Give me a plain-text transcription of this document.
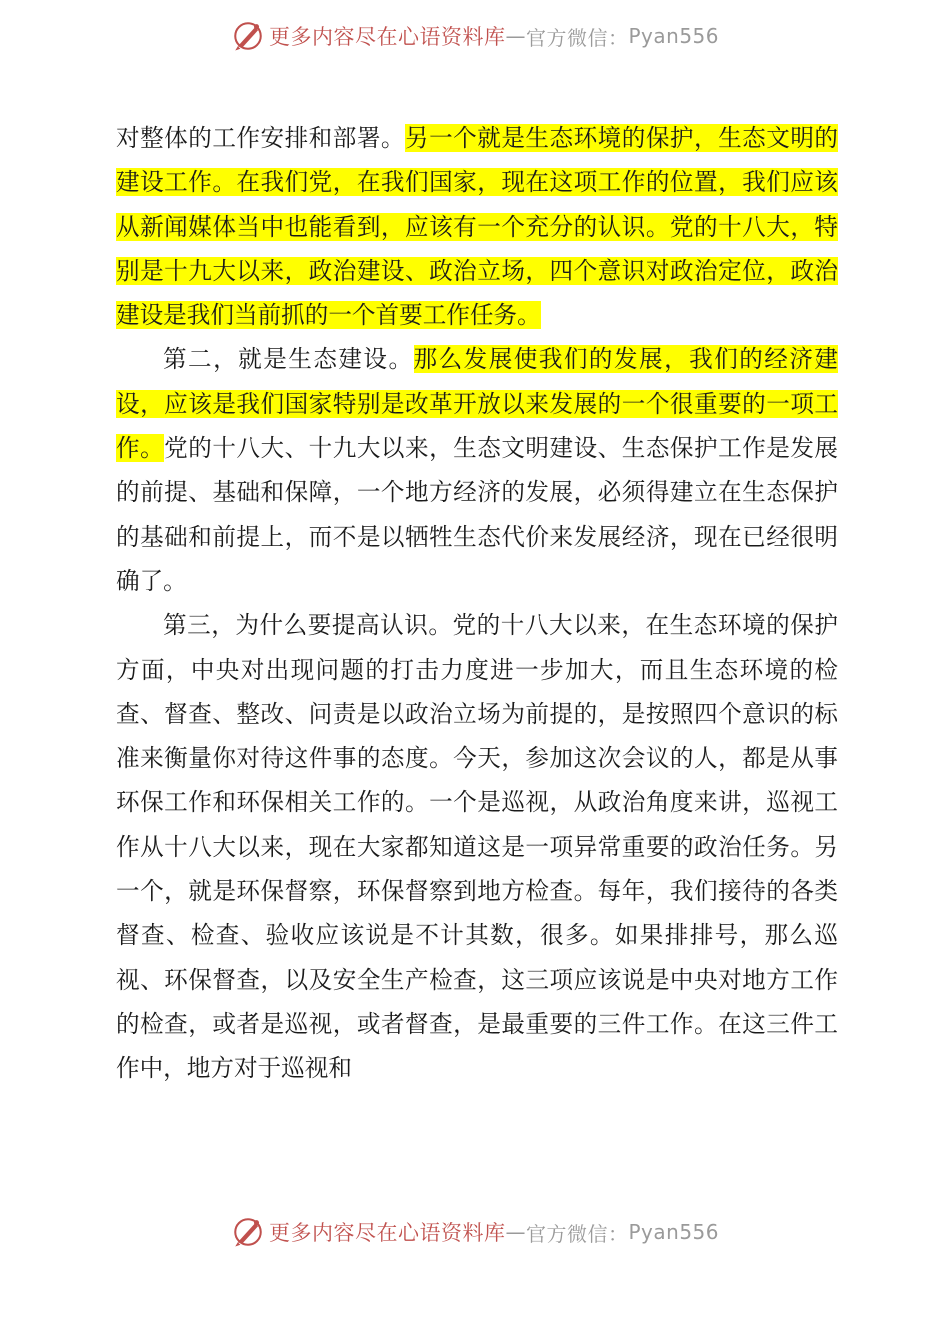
更多内容尽在心语资料库 — 官方微信： Pyan556

对整体的工作安排和部署。另一个就是生态环境的保护，生态文明的建设工作。在我们党，在我们国家，现在这项工作的位置，我们应该从新闻媒体当中也能看到，应该有一个充分的认识。党的十八大，特别是十九大以来，政治建设、政治立场，四个意识对政治定位，政治建设是我们当前抓的一个首要工作任务。

第二，就是生态建设。那么发展使我们的发展，我们的经济建设，应该是我们国家特别是改革开放以来发展的一个很重要的一项工作。党的十八大、十九大以来，生态文明建设、生态保护工作是发展的前提、基础和保障，一个地方经济的发展，必须得建立在生态保护的基础和前提上，而不是以牺牲生态代价来发展经济，现在已经很明确了。

第三，为什么要提高认识。党的十八大以来，在生态环境的保护方面，中央对出现问题的打击力度进一步加大，而且生态环境的检查、督查、整改、问责是以政治立场为前提的，是按照四个意识的标准来衡量你对待这件事的态度。今天，参加这次会议的人，都是从事环保工作和环保相关工作的。一个是巡视，从政治角度来讲，巡视工作从十八大以来，现在大家都知道这是一项异常重要的政治任务。另一个，就是环保督察，环保督察到地方检查。每年，我们接待的各类督查、检查、验收应该说是不计其数，很多。如果排排号，那么巡视、环保督查，以及安全生产检查，这三项应该说是中央对地方工作的检查，或者是巡视，或者督查，是最重要的三件工作。在这三件工作中，地方对于巡视和

更多内容尽在心语资料库 — 官方微信： Pyan556
